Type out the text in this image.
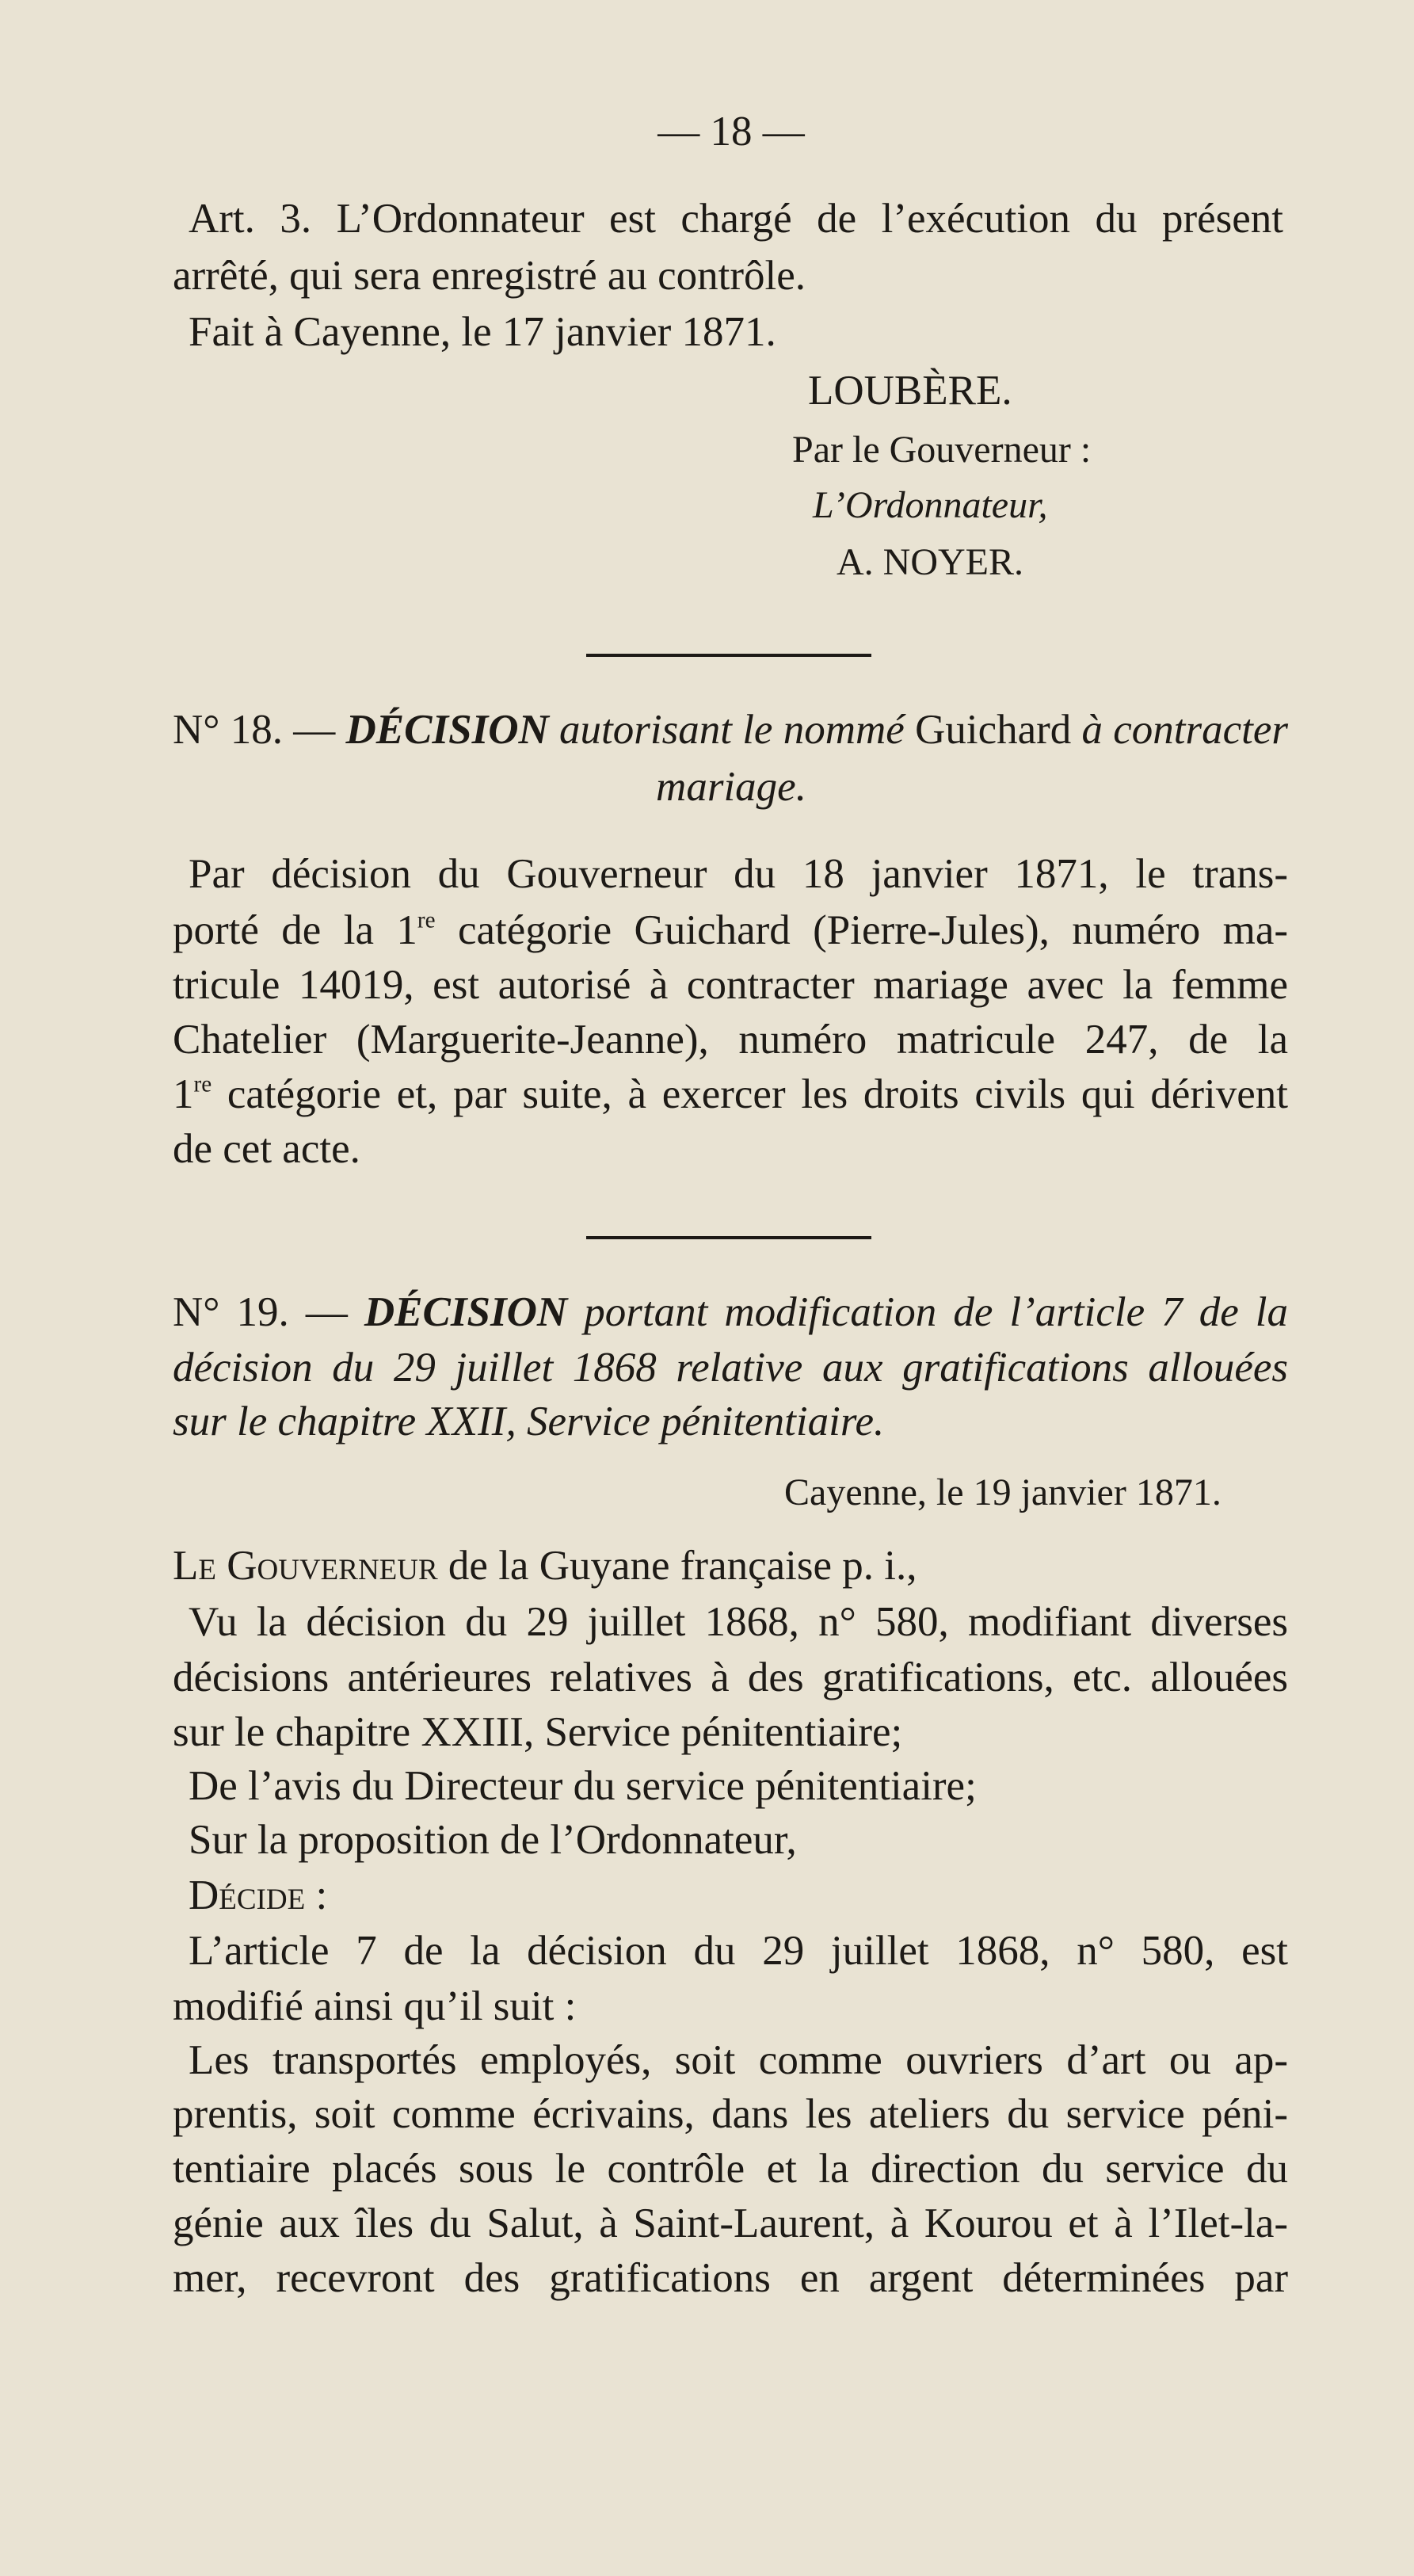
— 18 —
Art. 3. L’Ordonnateur est chargé de l’exécution du présent
arrêté, qui sera enregistré au contrôle.
Fait à Cayenne, le 17 janvier 1871.
LOUBÈRE.
Par le Gouverneur :
L’Ordonnateur,
A. NOYER.
N° 18. — DÉCISION autorisant le nommé Guichard à contracter
mariage.
Par décision du Gouverneur du 18 janvier 1871, le trans-
porté de la 1re catégorie Guichard (Pierre-Jules), numéro ma-
tricule 14019, est autorisé à contracter mariage avec la femme
Chatelier (Marguerite-Jeanne), numéro matricule 247, de la
1re catégorie et, par suite, à exercer les droits civils qui dérivent
de cet acte.
N° 19. — DÉCISION portant modification de l’article 7 de la
décision du 29 juillet 1868 relative aux gratifications allouées
sur le chapitre XXII, Service pénitentiaire.
Cayenne, le 19 janvier 1871.
Le Gouverneur de la Guyane française p. i.,
Vu la décision du 29 juillet 1868, n° 580, modifiant diverses
décisions antérieures relatives à des gratifications, etc. allouées
sur le chapitre XXIII, Service pénitentiaire;
De l’avis du Directeur du service pénitentiaire;
Sur la proposition de l’Ordonnateur,
Décide :
L’article 7 de la décision du 29 juillet 1868, n° 580, est
modifié ainsi qu’il suit :
Les transportés employés, soit comme ouvriers d’art ou ap-
prentis, soit comme écrivains, dans les ateliers du service péni-
tentiaire placés sous le contrôle et la direction du service du
génie aux îles du Salut, à Saint-Laurent, à Kourou et à l’Ilet-la-
mer, recevront des gratifications en argent déterminées par
